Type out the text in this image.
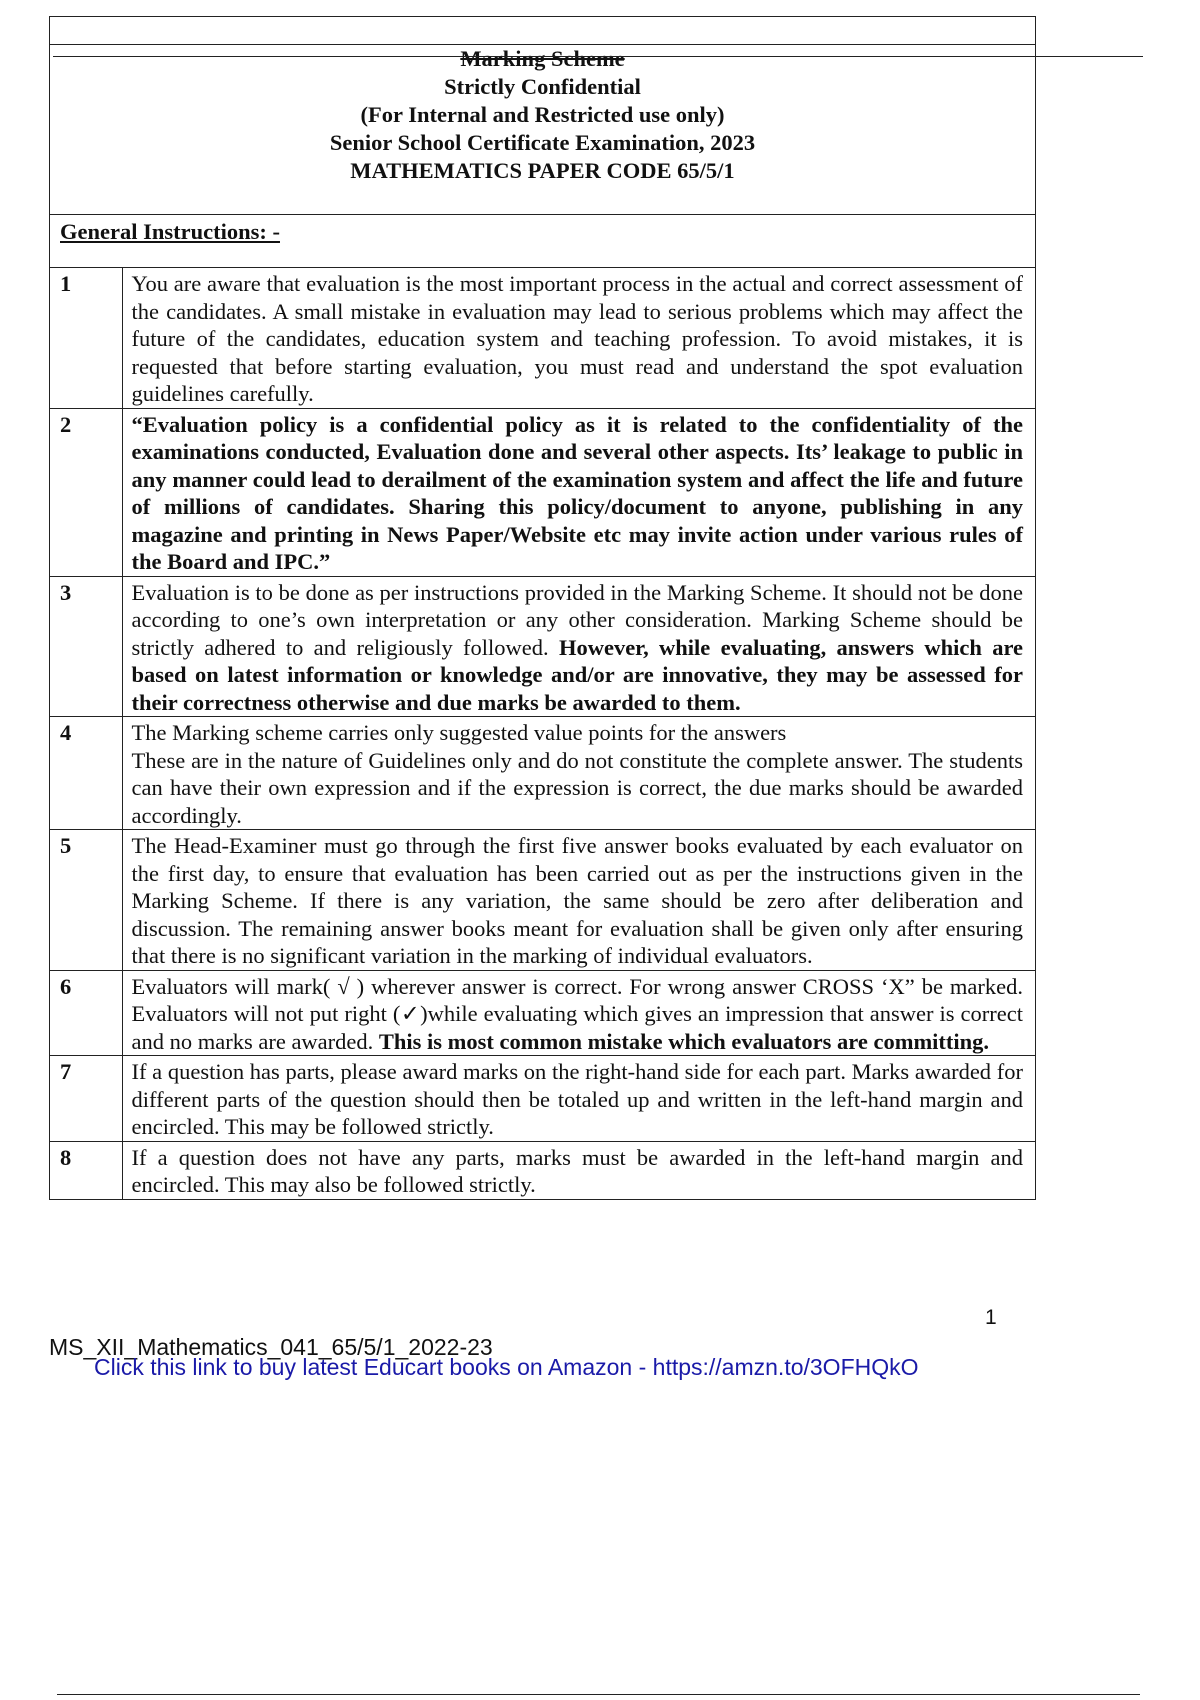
Marking Scheme
Strictly Confidential
(For Internal and Restricted use only)
Senior School Certificate Examination, 2023
MATHEMATICS PAPER CODE 65/5/1
General Instructions: -
1	You are aware that evaluation is the most important process in the actual and correct assessment of the candidates. A small mistake in evaluation may lead to serious problems which may affect the future of the candidates, education system and teaching profession. To avoid mistakes, it is requested that before starting evaluation, you must read and understand the spot evaluation guidelines carefully.
2	“Evaluation policy is a confidential policy as it is related to the confidentiality of the examinations conducted, Evaluation done and several other aspects. Its’ leakage to public in any manner could lead to derailment of the examination system and affect the life and future of millions of candidates. Sharing this policy/document to anyone, publishing in any magazine and printing in News Paper/Website etc may invite action under various rules of the Board and IPC.”
3	Evaluation is to be done as per instructions provided in the Marking Scheme. It should not be done according to one’s own interpretation or any other consideration. Marking Scheme should be strictly adhered to and religiously followed. However, while evaluating, answers which are based on latest information or knowledge and/or are innovative, they may be assessed for their correctness otherwise and due marks be awarded to them.
4	The Marking scheme carries only suggested value points for the answers
These are in the nature of Guidelines only and do not constitute the complete answer. The students can have their own expression and if the expression is correct, the due marks should be awarded accordingly.

5	The Head-Examiner must go through the first five answer books evaluated by each evaluator on the first day, to ensure that evaluation has been carried out as per the instructions given in the Marking Scheme. If there is any variation, the same should be zero after deliberation and discussion. The remaining answer books meant for evaluation shall be given only after ensuring that there is no significant variation in the marking of individual evaluators.
6	Evaluators will mark( √ ) wherever answer is correct. For wrong answer CROSS ‘X” be marked. Evaluators will not put right (✓)while evaluating which gives an impression that answer is correct and no marks are awarded. This is most common mistake which evaluators are committing.
7	If a question has parts, please award marks on the right-hand side for each part. Marks awarded for different parts of the question should then be totaled up and written in the left-hand margin and encircled. This may be followed strictly.
8	If a question does not have any parts, marks must be awarded in the left-hand margin and encircled. This may also be followed strictly.
1
MS_XII_Mathematics_041_65/5/1_2022-23
Click this link to buy latest Educart books on Amazon - https://amzn.to/3OFHQkO
